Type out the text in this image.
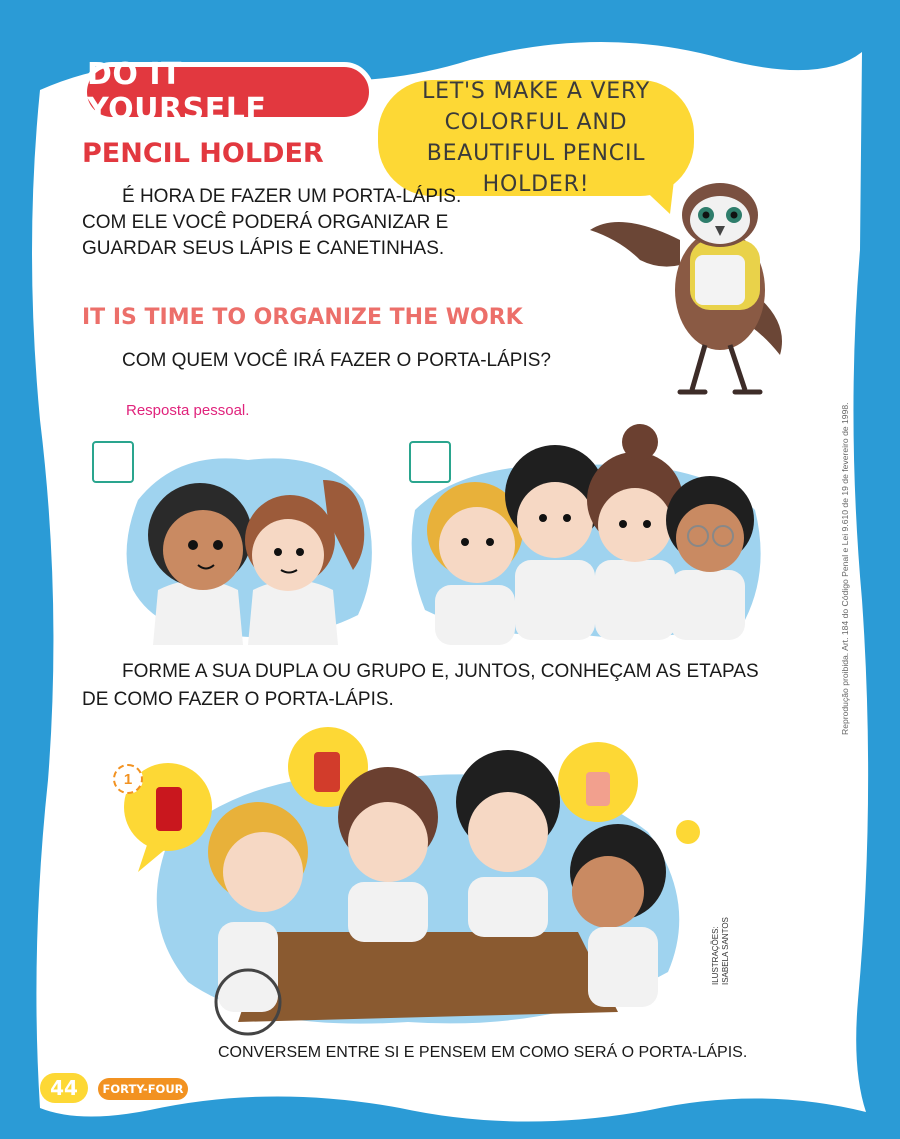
DO IT YOURSELF
LET'S MAKE A VERY COLORFUL AND BEAUTIFUL PENCIL HOLDER!
PENCIL HOLDER

É HORA DE FAZER UM PORTA-LÁPIS. COM ELE VOCÊ PODERÁ ORGANIZAR E GUARDAR SEUS LÁPIS E CANETINHAS.

IT IS TIME TO ORGANIZE THE WORK

COM QUEM VOCÊ IRÁ FAZER O PORTA-LÁPIS?

Resposta pessoal.

FORME A SUA DUPLA OU GRUPO E, JUNTOS, CONHEÇAM AS ETAPAS DE COMO FAZER O PORTA-LÁPIS.

1

CONVERSEM ENTRE SI E PENSEM EM COMO SERÁ O PORTA-LÁPIS.

Reprodução proibida. Art. 184 do Código Penal e Lei 9.610 de 19 de fevereiro de 1998.
ILUSTRAÇÕES: ISABELA SANTOS
44	FORTY-FOUR
